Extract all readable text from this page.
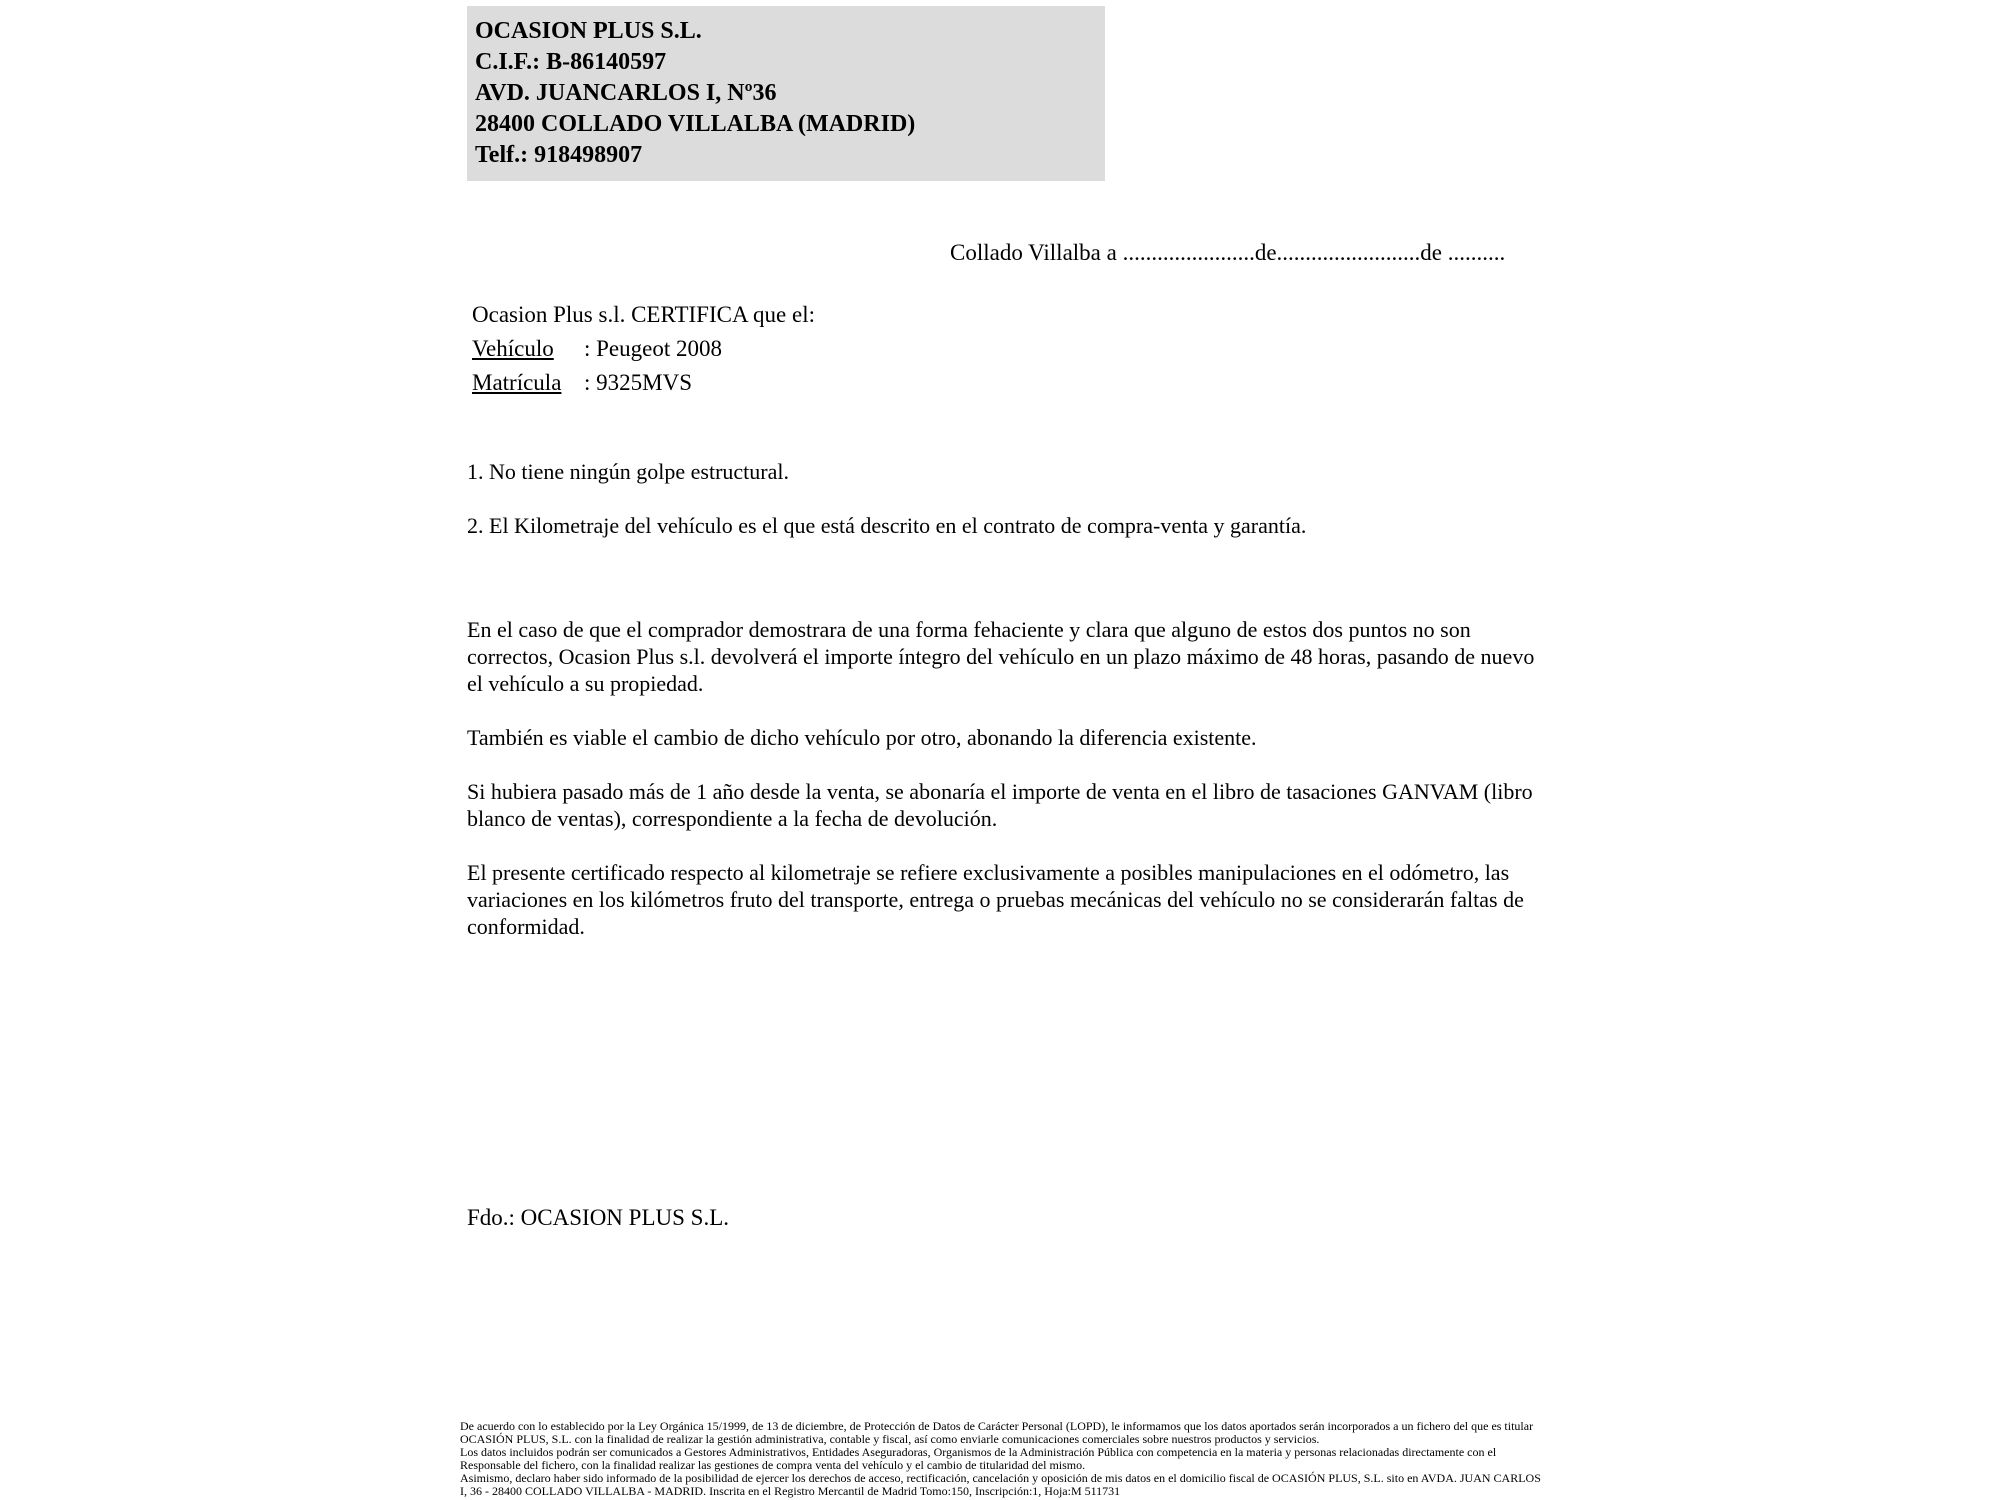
OCASION PLUS S.L.
C.I.F.: B-86140597
AVD. JUANCARLOS I, Nº36
28400 COLLADO VILLALBA (MADRID)
Telf.: 918498907
Collado Villalba a .......................de.........................de ..........
Ocasion Plus s.l. CERTIFICA que el:
Vehículo	: Peugeot 2008
Matrícula : 9325MVS
1. No tiene ningún golpe estructural.
2. El Kilometraje del vehículo es el que está descrito en el contrato de compra-venta y garantía.

En el caso de que el comprador demostrara de una forma fehaciente y clara que alguno de estos dos puntos no son correctos, Ocasion Plus s.l. devolverá el importe íntegro del vehículo en un plazo máximo de 48 horas, pasando de nuevo el vehículo a su propiedad.

También es viable el cambio de dicho vehículo por otro, abonando la diferencia existente.

Si hubiera pasado más de 1 año desde la venta, se abonaría el importe de venta en el libro de tasaciones GANVAM (libro blanco de ventas), correspondiente a la fecha de devolución.

El presente certificado respecto al kilometraje se refiere exclusivamente a posibles manipulaciones en el odómetro, las variaciones en los kilómetros fruto del transporte, entrega o pruebas mecánicas del vehículo no se considerarán faltas de conformidad.

Fdo.: OCASION PLUS S.L.

De acuerdo con lo establecido por la Ley Orgánica 15/1999, de 13 de diciembre, de Protección de Datos de Carácter Personal (LOPD), le informamos que los datos aportados serán incorporados a un fichero del que es titular OCASIÓN PLUS, S.L. con la finalidad de realizar la gestión administrativa, contable y fiscal, así como enviarle comunicaciones comerciales sobre nuestros productos y servicios.

Los datos incluidos podrán ser comunicados a Gestores Administrativos, Entidades Aseguradoras, Organismos de la Administración Pública con competencia en la materia y personas relacionadas directamente con el Responsable del fichero, con la finalidad realizar las gestiones de compra venta del vehículo y el cambio de titularidad del mismo.

Asimismo, declaro haber sido informado de la posibilidad de ejercer los derechos de acceso, rectificación, cancelación y oposición de mis datos en el domicilio fiscal de OCASIÓN PLUS, S.L. sito en AVDA. JUAN CARLOS I, 36 - 28400 COLLADO VILLALBA - MADRID. Inscrita en el Registro Mercantil de Madrid Tomo:150, Inscripción:1, Hoja:M 511731
